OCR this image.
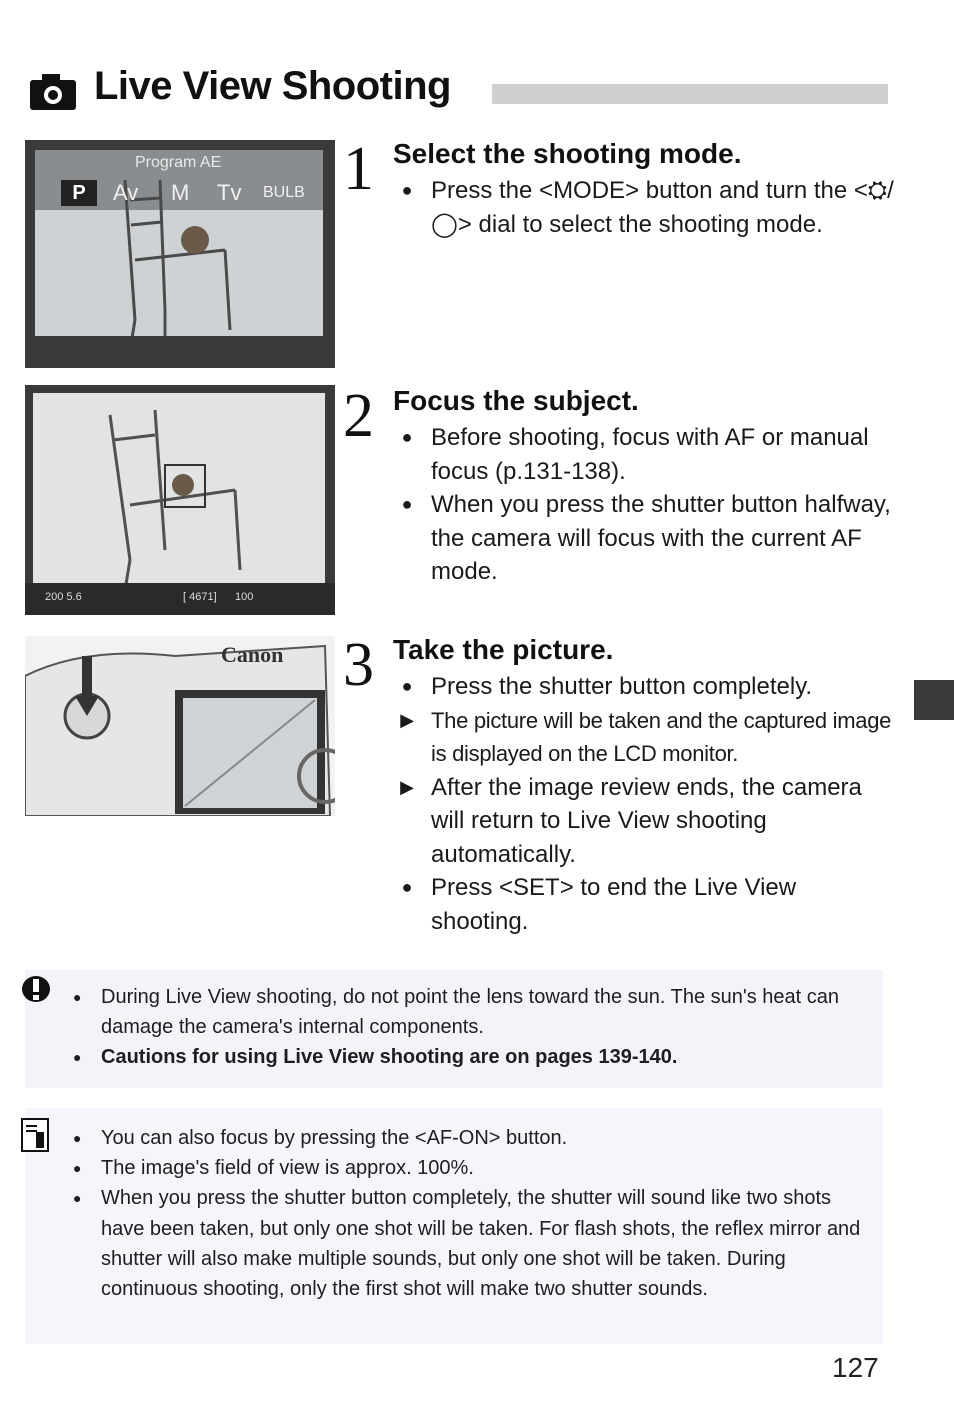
Live View Shooting
Program AE
P	Av M Tv BULB 1 Select the shooting mode.
● Press the <MODE> button and turn the <⛭/◯> dial to select the shooting mode.
200 5.6	[ 4671] 100
2 Focus the subject.
● Before shooting, focus with AF or manual focus (p.131-138).
● When you press the shutter button halfway, the camera will focus with the current AF mode.
Canon 3 Take the picture.
● Press the shutter button completely.
▶ The picture will be taken and the captured image is displayed on the LCD monitor.
▶ After the image review ends, the camera will return to Live View shooting automatically.
● Press <SET> to end the Live View shooting.
● During Live View shooting, do not point the lens toward the sun. The sun's heat can damage the camera's internal components.
● Cautions for using Live View shooting are on pages 139-140.
● You can also focus by pressing the <AF-ON> button.
● The image's field of view is approx. 100%.
● When you press the shutter button completely, the shutter will sound like two shots have been taken, but only one shot will be taken. For flash shots, the reflex mirror and shutter will also make multiple sounds, but only one shot will be taken. During continuous shooting, only the first shot will make two shutter sounds.
127
